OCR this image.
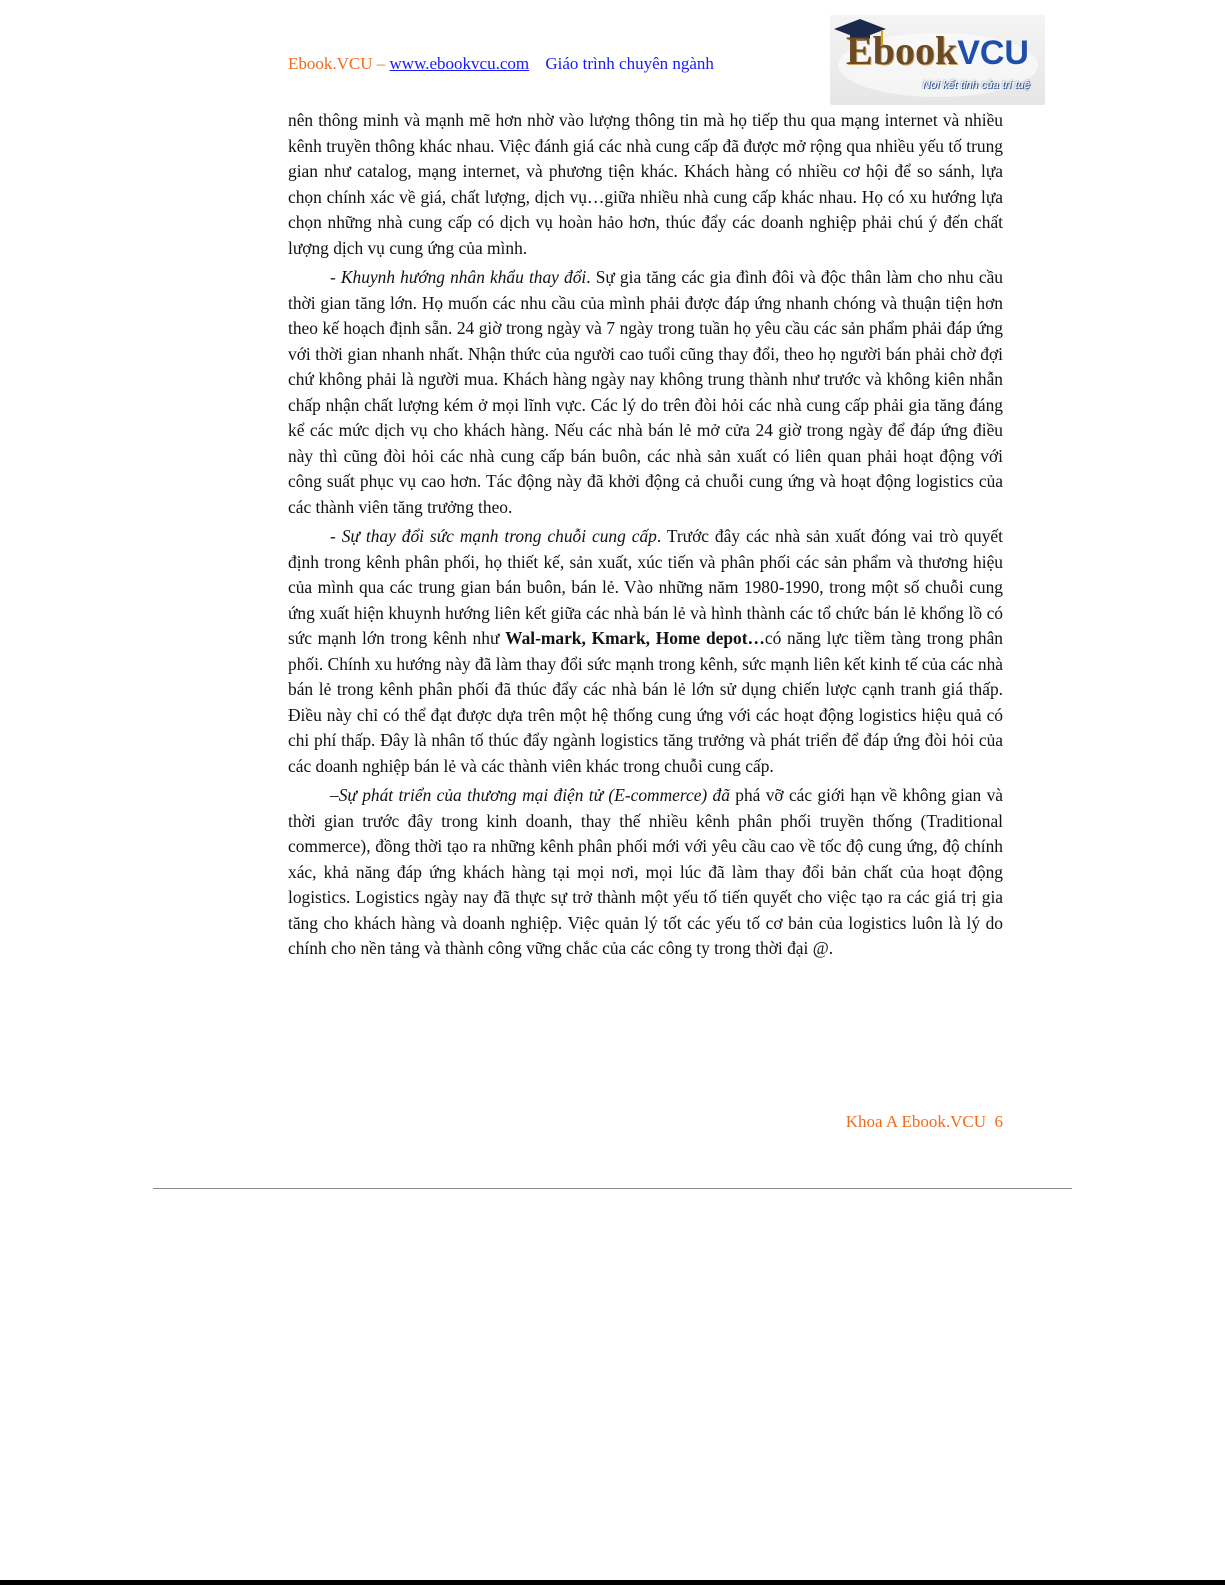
Ebook.VCU – www.ebookvcu.com Giáo trình chuyên ngành	EbookVCU
Nơi kết tinh của trí tuệ

nên thông minh và mạnh mẽ hơn nhờ vào lượng thông tin mà họ tiếp thu qua mạng internet và nhiều kênh truyền thông khác nhau. Việc đánh giá các nhà cung cấp đã được mở rộng qua nhiều yếu tố trung gian như catalog, mạng internet, và phương tiện khác. Khách hàng có nhiều cơ hội để so sánh, lựa chọn chính xác về giá, chất lượng, dịch vụ…giữa nhiều nhà cung cấp khác nhau. Họ có xu hướng lựa chọn những nhà cung cấp có dịch vụ hoàn hảo hơn, thúc đẩy các doanh nghiệp phải chú ý đến chất lượng dịch vụ cung ứng của mình.

- Khuynh hướng nhân khẩu thay đổi. Sự gia tăng các gia đình đôi và độc thân làm cho nhu cầu thời gian tăng lớn. Họ muốn các nhu cầu của mình phải được đáp ứng nhanh chóng và thuận tiện hơn theo kế hoạch định sẵn. 24 giờ trong ngày và 7 ngày trong tuần họ yêu cầu các sản phẩm phải đáp ứng với thời gian nhanh nhất. Nhận thức của người cao tuổi cũng thay đổi, theo họ người bán phải chờ đợi chứ không phải là người mua. Khách hàng ngày nay không trung thành như trước và không kiên nhẫn chấp nhận chất lượng kém ở mọi lĩnh vực. Các lý do trên đòi hỏi các nhà cung cấp phải gia tăng đáng kể các mức dịch vụ cho khách hàng. Nếu các nhà bán lẻ mở cửa 24 giờ trong ngày để đáp ứng điều này thì cũng đòi hỏi các nhà cung cấp bán buôn, các nhà sản xuất có liên quan phải hoạt động với công suất phục vụ cao hơn. Tác động này đã khởi động cả chuỗi cung ứng và hoạt động logistics của các thành viên tăng trưởng theo.

- Sự thay đổi sức mạnh trong chuỗi cung cấp. Trước đây các nhà sản xuất đóng vai trò quyết định trong kênh phân phối, họ thiết kế, sản xuất, xúc tiến và phân phối các sản phẩm và thương hiệu của mình qua các trung gian bán buôn, bán lẻ. Vào những năm 1980-1990, trong một số chuỗi cung ứng xuất hiện khuynh hướng liên kết giữa các nhà bán lẻ và hình thành các tổ chức bán lẻ khổng lồ có sức mạnh lớn trong kênh như Wal-mark, Kmark, Home depot…có năng lực tiềm tàng trong phân phối. Chính xu hướng này đã làm thay đổi sức mạnh trong kênh, sức mạnh liên kết kinh tế của các nhà bán lẻ trong kênh phân phối đã thúc đẩy các nhà bán lẻ lớn sử dụng chiến lược cạnh tranh giá thấp. Điều này chỉ có thể đạt được dựa trên một hệ thống cung ứng với các hoạt động logistics hiệu quả có chi phí thấp. Đây là nhân tố thúc đẩy ngành logistics tăng trưởng và phát triển để đáp ứng đòi hỏi của các doanh nghiệp bán lẻ và các thành viên khác trong chuỗi cung cấp.

–Sự phát triển của thương mại điện tử (E-commerce) đã phá vỡ các giới hạn về không gian và thời gian trước đây trong kinh doanh, thay thế nhiều kênh phân phối truyền thống (Traditional commerce), đồng thời tạo ra những kênh phân phối mới với yêu cầu cao về tốc độ cung ứng, độ chính xác, khả năng đáp ứng khách hàng tại mọi nơi, mọi lúc đã làm thay đổi bản chất của hoạt động logistics. Logistics ngày nay đã thực sự trở thành một yếu tố tiến quyết cho việc tạo ra các giá trị gia tăng cho khách hàng và doanh nghiệp. Việc quản lý tốt các yếu tố cơ bản của logistics luôn là lý do chính cho nền tảng và thành công vững chắc của các công ty trong thời đại @.

Khoa A Ebook.VCU 6
